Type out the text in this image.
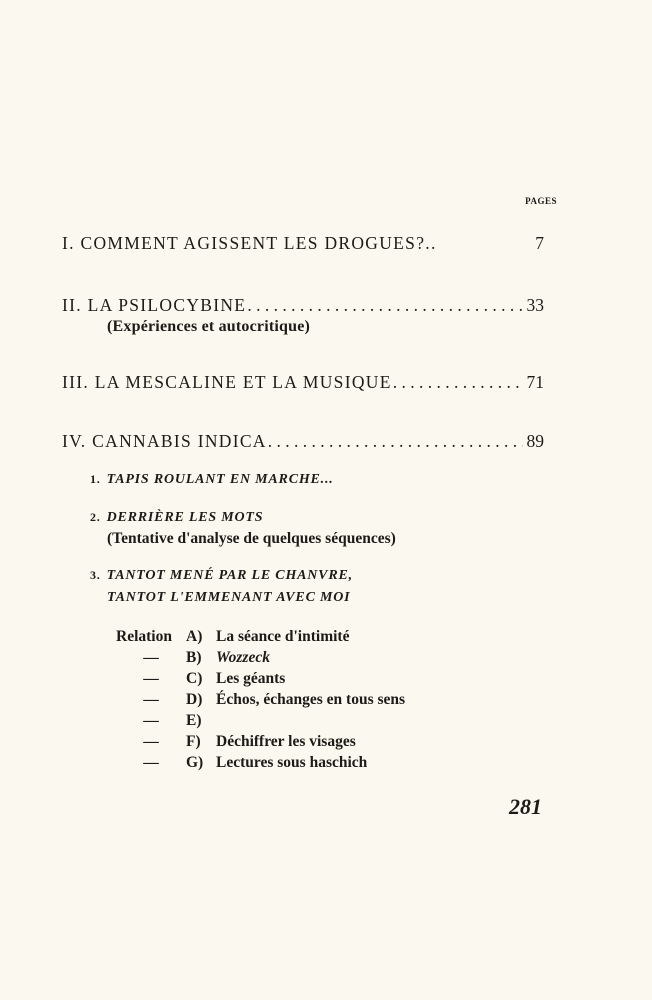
PAGES
I. COMMENT AGISSENT LES DROGUES?..	7
II. LA PSILOCYBINE . . .	33
(Expériences et autocritique)
III. LA MESCALINE ET LA MUSIQUE . . .	71
IV. CANNABIS INDICA . . .	89
1. TAPIS ROULANT EN MARCHE...
2. DERRIÈRE LES MOTS
(Tentative d'analyse de quelques séquences)
3. TANTOT MENÉ PAR LE CHANVRE,
TANTOT L'EMMENANT AVEC MOI
Relation A) La séance d'intimité
—	B) Wozzeck
—	C) Les géants
—	D) Échos, échanges en tous sens
—	E)
—	F) Déchiffrer les visages
—	G) Lectures sous haschich
281
